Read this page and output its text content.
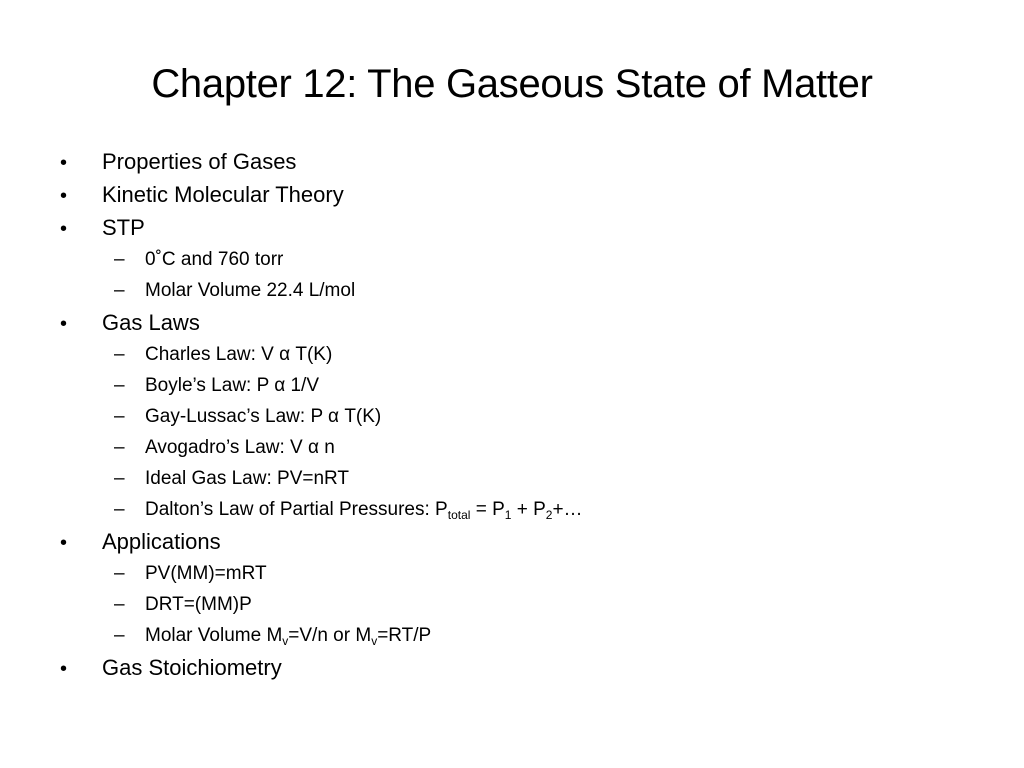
Chapter 12: The Gaseous State of Matter
•	Properties of Gases
•	Kinetic Molecular Theory
•	STP
–	0˚C and 760 torr
–	Molar Volume 22.4 L/mol
•	Gas Laws
–	Charles Law: V α T(K)
–	Boyle’s Law: P α 1/V
–	Gay-Lussac’s Law: P α T(K)
–	Avogadro’s Law: V α n
–	Ideal Gas Law: PV=nRT
–	Dalton’s Law of Partial Pressures: $P_{total} = P_1$ + $P_2+\dots$
•	Applications
–	PV(MM)=mRT
–	DRT=(MM)P
–	Molar Volume $M_v=V/n$ or $M_v=RT/P$
•	Gas Stoichiometry
